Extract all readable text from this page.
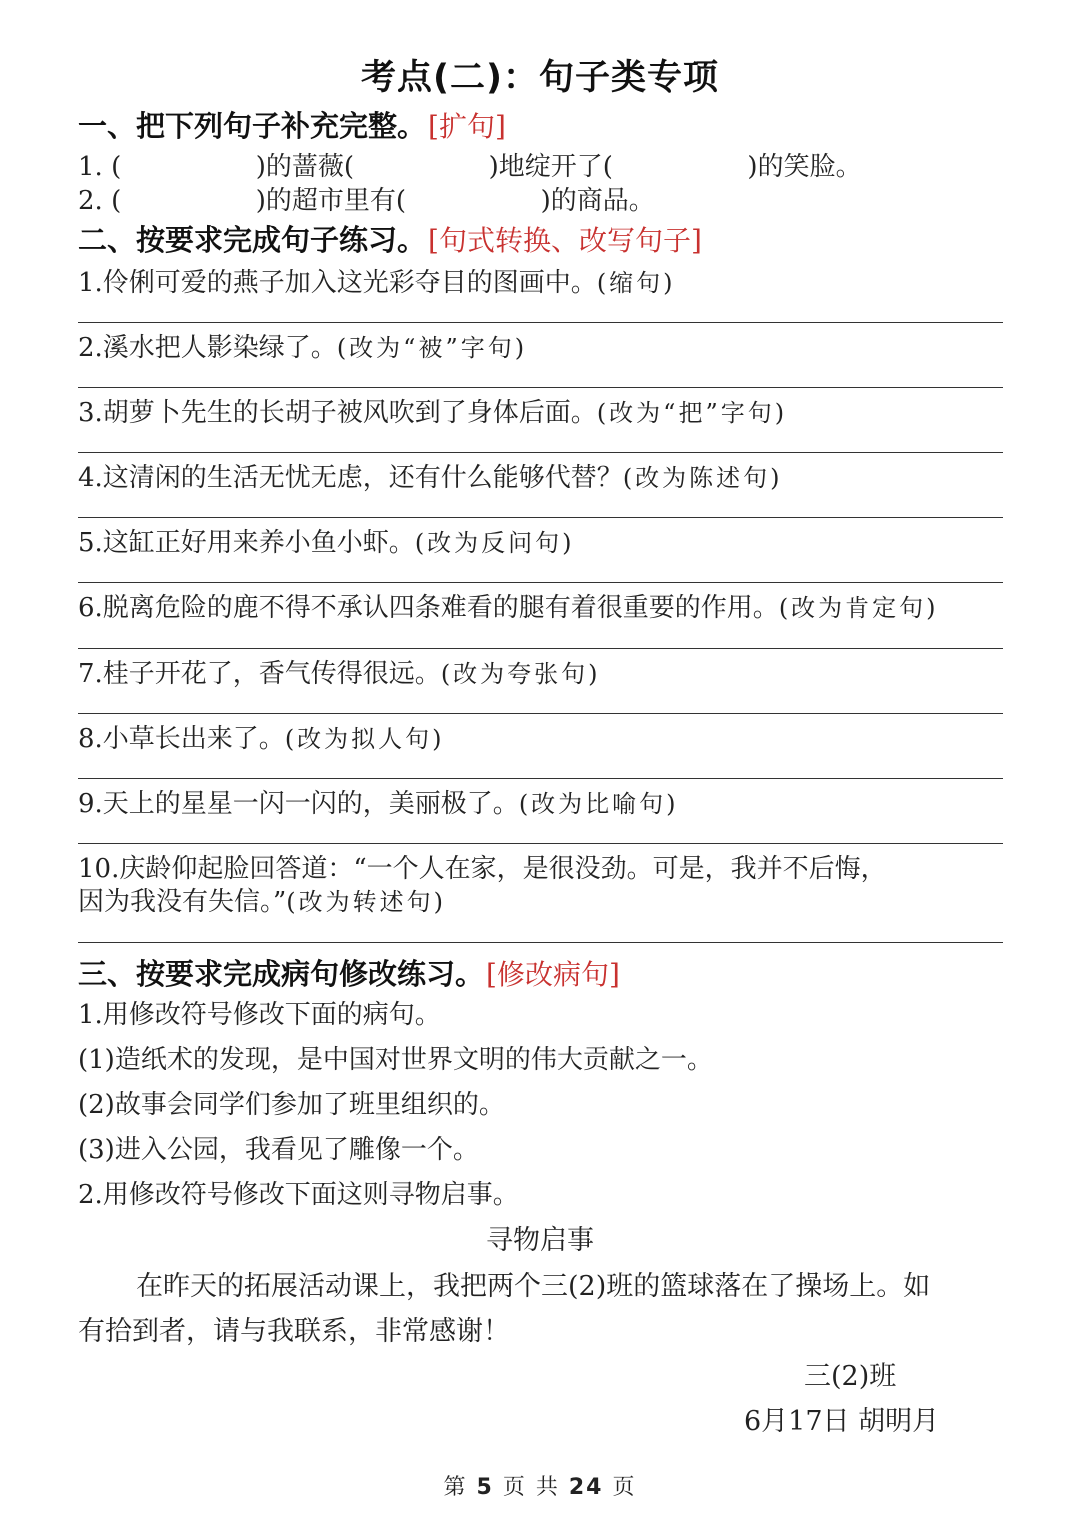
考点(二)：句子类专项
一、把下列句子补充完整。[扩句]
1. (	)的蔷薇(	)地绽开了(	)的笑脸。
2. (	)的超市里有(	)的商品。
二、按要求完成句子练习。[句式转换、改写句子]
1.伶俐可爱的燕子加入这光彩夺目的图画中。(缩句)
2.溪水把人影染绿了。(改为“被”字句)
3.胡萝卜先生的长胡子被风吹到了身体后面。(改为“把”字句)
4.这清闲的生活无忧无虑，还有什么能够代替？(改为陈述句)
5.这缸正好用来养小鱼小虾。(改为反问句)
6.脱离危险的鹿不得不承认四条难看的腿有着很重要的作用。(改为肯定句)
7.桂子开花了，香气传得很远。(改为夸张句)
8.小草长出来了。(改为拟人句)
9.天上的星星一闪一闪的，美丽极了。(改为比喻句)
10.庆龄仰起脸回答道：“一个人在家，是很没劲。可是，我并不后悔，
因为我没有失信。”(改为转述句)
三、按要求完成病句修改练习。[修改病句]
1.用修改符号修改下面的病句。
(1)造纸术的发现，是中国对世界文明的伟大贡献之一。
(2)故事会同学们参加了班里组织的。
(3)进入公园，我看见了雕像一个。
2.用修改符号修改下面这则寻物启事。
寻物启事
在昨天的拓展活动课上，我把两个三(2)班的篮球落在了操场上。如
有拾到者，请与我联系，非常感谢！
三(2)班
6月17日 胡明月
第 5 页 共 24 页
